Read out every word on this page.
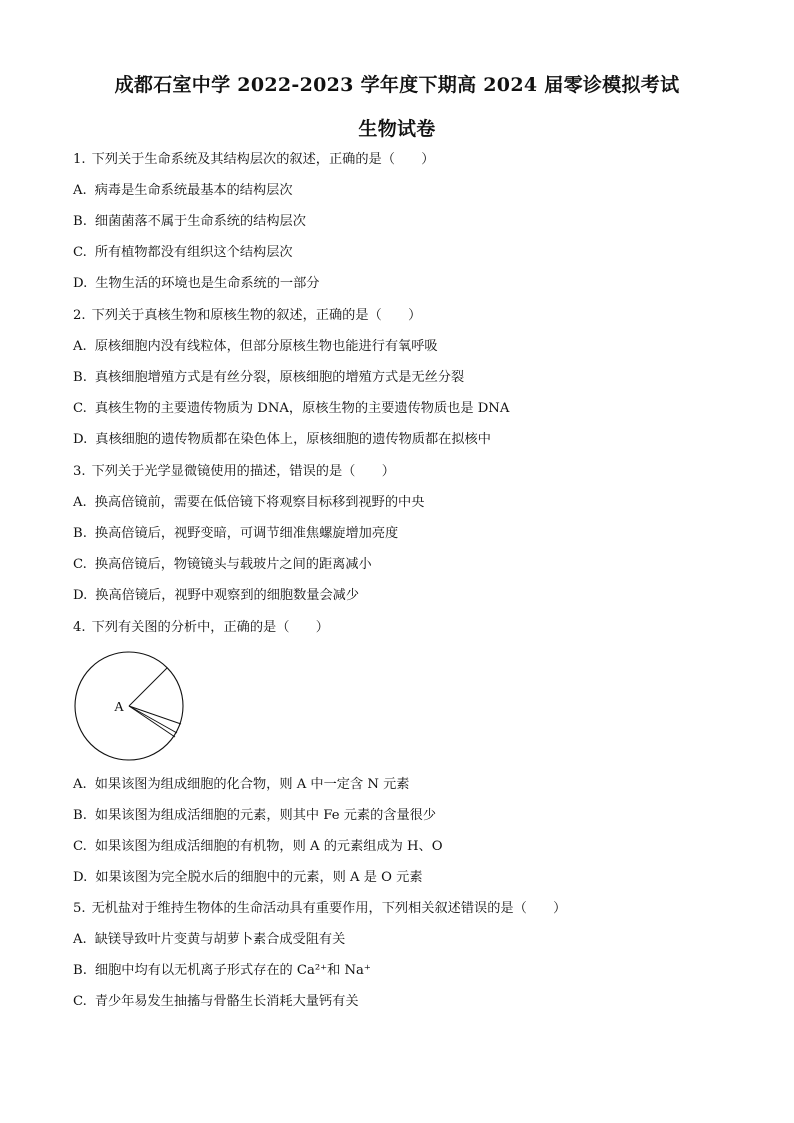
成都石室中学 2022-2023 学年度下期高 2024 届零诊模拟考试
生物试卷
1. 下列关于生命系统及其结构层次的叙述，正确的是（　　）
A. 病毒是生命系统最基本的结构层次
B. 细菌菌落不属于生命系统的结构层次
C. 所有植物都没有组织这个结构层次
D. 生物生活的环境也是生命系统的一部分
2. 下列关于真核生物和原核生物的叙述，正确的是（　　）
A. 原核细胞内没有线粒体，但部分原核生物也能进行有氧呼吸
B. 真核细胞增殖方式是有丝分裂，原核细胞的增殖方式是无丝分裂
C. 真核生物的主要遗传物质为 DNA，原核生物的主要遗传物质也是 DNA
D. 真核细胞的遗传物质都在染色体上，原核细胞的遗传物质都在拟核中
3. 下列关于光学显微镜使用的描述，错误的是（　　）
A. 换高倍镜前，需要在低倍镜下将观察目标移到视野的中央
B. 换高倍镜后，视野变暗，可调节细准焦螺旋增加亮度
C. 换高倍镜后，物镜镜头与载玻片之间的距离减小
D. 换高倍镜后，视野中观察到的细胞数量会减少
4. 下列有关图的分析中，正确的是（　　）
A
A. 如果该图为组成细胞的化合物，则 A 中一定含 N 元素
B. 如果该图为组成活细胞的元素，则其中 Fe 元素的含量很少
C. 如果该图为组成活细胞的有机物，则 A 的元素组成为 H、O
D. 如果该图为完全脱水后的细胞中的元素，则 A 是 O 元素
5. 无机盐对于维持生物体的生命活动具有重要作用，下列相关叙述错误的是（　　）
A. 缺镁导致叶片变黄与胡萝卜素合成受阻有关
B. 细胞中均有以无机离子形式存在的 Ca²⁺和 Na⁺
C. 青少年易发生抽搐与骨骼生长消耗大量钙有关
